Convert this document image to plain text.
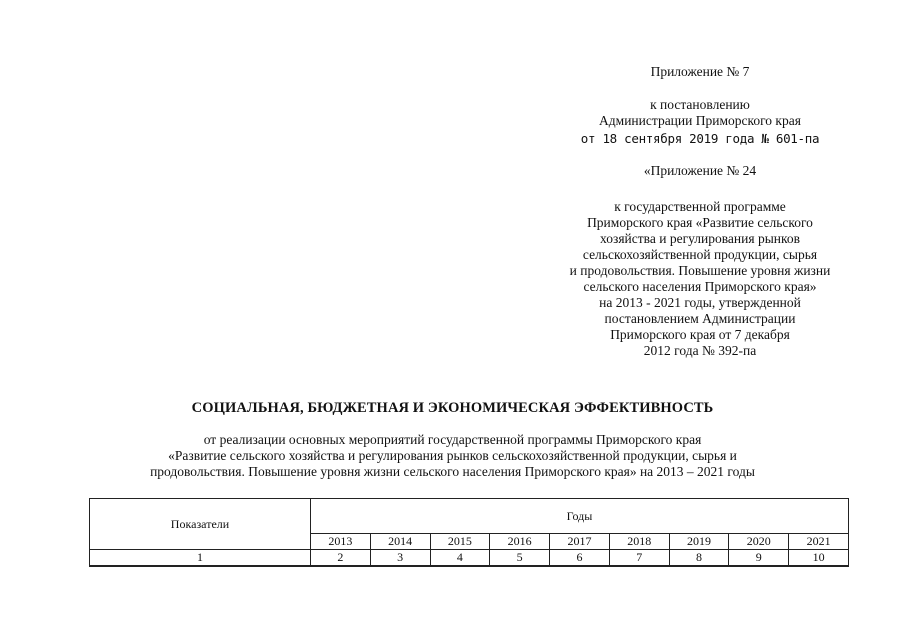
Приложение № 7
к постановлению
Администрации Приморского края
от 18 сентября 2019 года № 601-па
«Приложение № 24
к государственной программе
Приморского края «Развитие сельского
хозяйства и регулирования рынков
сельскохозяйственной продукции, сырья
и продовольствия. Повышение уровня жизни
сельского населения Приморского края»
на 2013 - 2021 годы, утвержденной
постановлением Администрации
Приморского края от 7 декабря
2012 года № 392-па
СОЦИАЛЬНАЯ, БЮДЖЕТНАЯ И ЭКОНОМИЧЕСКАЯ ЭФФЕКТИВНОСТЬ
от реализации основных мероприятий государственной программы Приморского края
«Развитие сельского хозяйства и регулирования рынков сельскохозяйственной продукции, сырья и
продовольствия. Повышение уровня жизни сельского населения Приморского края» на 2013 – 2021 годы
Показатели	Годы								
	2013	2014	2015	2016	2017	2018	2019	2020	2021
1	2	3	4	5	6	7	8	9	10
